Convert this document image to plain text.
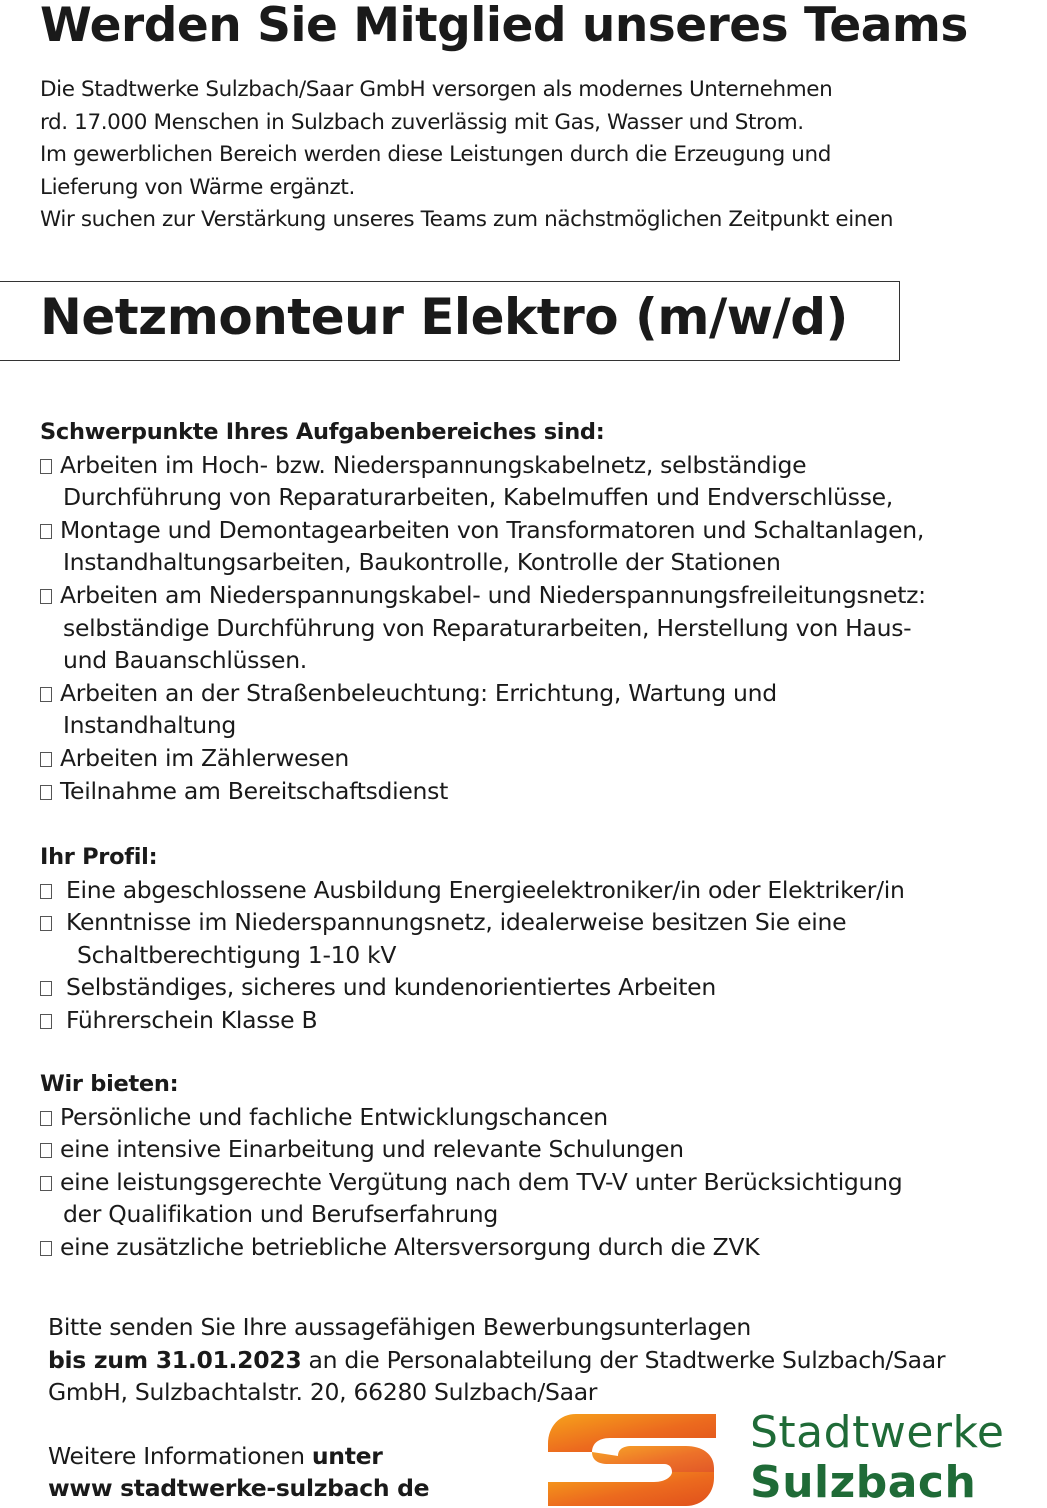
Werden Sie Mitglied unseres Teams
Die Stadtwerke Sulzbach/Saar GmbH versorgen als modernes Unternehmen
rd. 17.000 Menschen in Sulzbach zuverlässig mit Gas, Wasser und Strom.
Im gewerblichen Bereich werden diese Leistungen durch die Erzeugung und
Lieferung von Wärme ergänzt.
Wir suchen zur Verstärkung unseres Teams zum nächstmöglichen Zeitpunkt einen
Netzmonteur Elektro (m/w/d)
Schwerpunkte Ihres Aufgabenbereiches sind:
Arbeiten im Hoch- bzw. Niederspannungskabelnetz, selbständige
Durchführung von Reparaturarbeiten, Kabelmuffen und Endverschlüsse,
Montage und Demontagearbeiten von Transformatoren und Schaltanlagen,
Instandhaltungsarbeiten, Baukontrolle, Kontrolle der Stationen
Arbeiten am Niederspannungskabel- und Niederspannungsfreileitungsnetz:
selbständige Durchführung von Reparaturarbeiten, Herstellung von Haus-
und Bauanschlüssen.
Arbeiten an der Straßenbeleuchtung: Errichtung, Wartung und
Instandhaltung
Arbeiten im Zählerwesen
Teilnahme am Bereitschaftsdienst
Ihr Profil:
Eine abgeschlossene Ausbildung Energieelektroniker/in oder Elektriker/in
Kenntnisse im Niederspannungsnetz, idealerweise besitzen Sie eine
Schaltberechtigung 1-10 kV
Selbständiges, sicheres und kundenorientiertes Arbeiten
Führerschein Klasse B
Wir bieten:
Persönliche und fachliche Entwicklungschancen
eine intensive Einarbeitung und relevante Schulungen
eine leistungsgerechte Vergütung nach dem TV-V unter Berücksichtigung
der Qualifikation und Berufserfahrung
eine zusätzliche betriebliche Altersversorgung durch die ZVK
Bitte senden Sie Ihre aussagefähigen Bewerbungsunterlagen
bis zum 31.01.2023 an die Personalabteilung der Stadtwerke Sulzbach/Saar
GmbH, Sulzbachtalstr. 20, 66280 Sulzbach/Saar
Weitere Informationen unter
www stadtwerke-sulzbach de
Stadtwerke
Sulzbach
